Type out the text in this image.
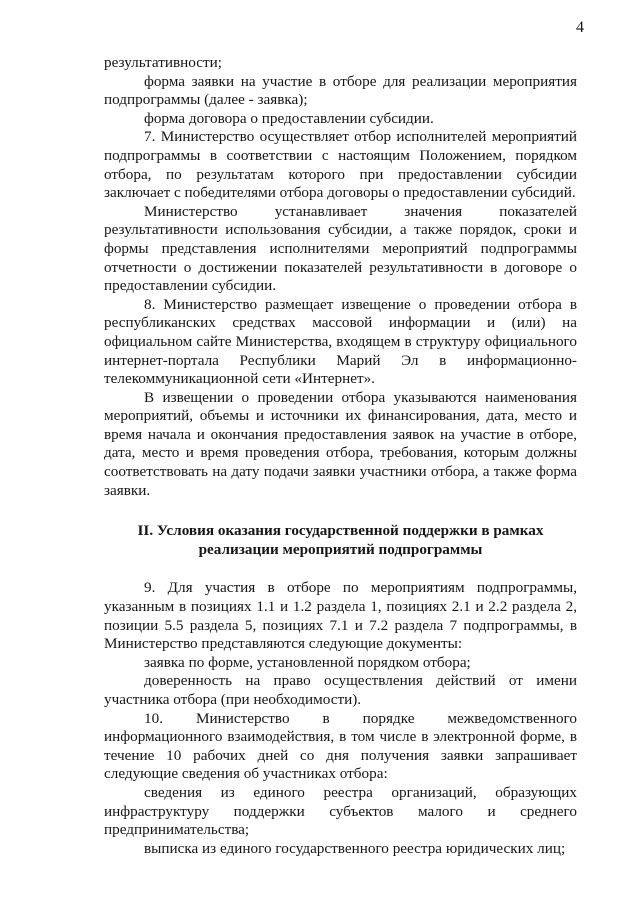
4

результативности;

форма заявки на участие в отборе для реализации мероприятия подпрограммы (далее - заявка);

форма договора о предоставлении субсидии.

7. Министерство осуществляет отбор исполнителей мероприятий подпрограммы в соответствии с настоящим Положением, порядком отбора, по результатам которого при предоставлении субсидии заключает с победителями отбора договоры о предоставлении субсидий.

Министерство устанавливает значения показателей результативности использования субсидии, а также порядок, сроки и формы представления исполнителями мероприятий подпрограммы отчетности о достижении показателей результативности в договоре о предоставлении субсидии.

8. Министерство размещает извещение о проведении отбора в республиканских средствах массовой информации и (или) на официальном сайте Министерства, входящем в структуру официального интернет-портала Республики Марий Эл в информационно-телекоммуникационной сети «Интернет».

В извещении о проведении отбора указываются наименования мероприятий, объемы и источники их финансирования, дата, место и время начала и окончания предоставления заявок на участие в отборе, дата, место и время проведения отбора, требования, которым должны соответствовать на дату подачи заявки участники отбора, а также форма заявки.

II. Условия оказания государственной поддержки в рамках
реализации мероприятий подпрограммы

9. Для участия в отборе по мероприятиям подпрограммы, указанным в позициях 1.1 и 1.2 раздела 1, позициях 2.1 и 2.2 раздела 2, позиции 5.5 раздела 5, позициях 7.1 и 7.2 раздела 7 подпрограммы, в Министерство представляются следующие документы:

заявка по форме, установленной порядком отбора;

доверенность на право осуществления действий от имени участника отбора (при необходимости).

10. Министерство в порядке межведомственного информационного взаимодействия, в том числе в электронной форме, в течение 10 рабочих дней со дня получения заявки запрашивает следующие сведения об участниках отбора:

сведения из единого реестра организаций, образующих инфраструктуру поддержки субъектов малого и среднего предпринимательства;

выписка из единого государственного реестра юридических лиц;
